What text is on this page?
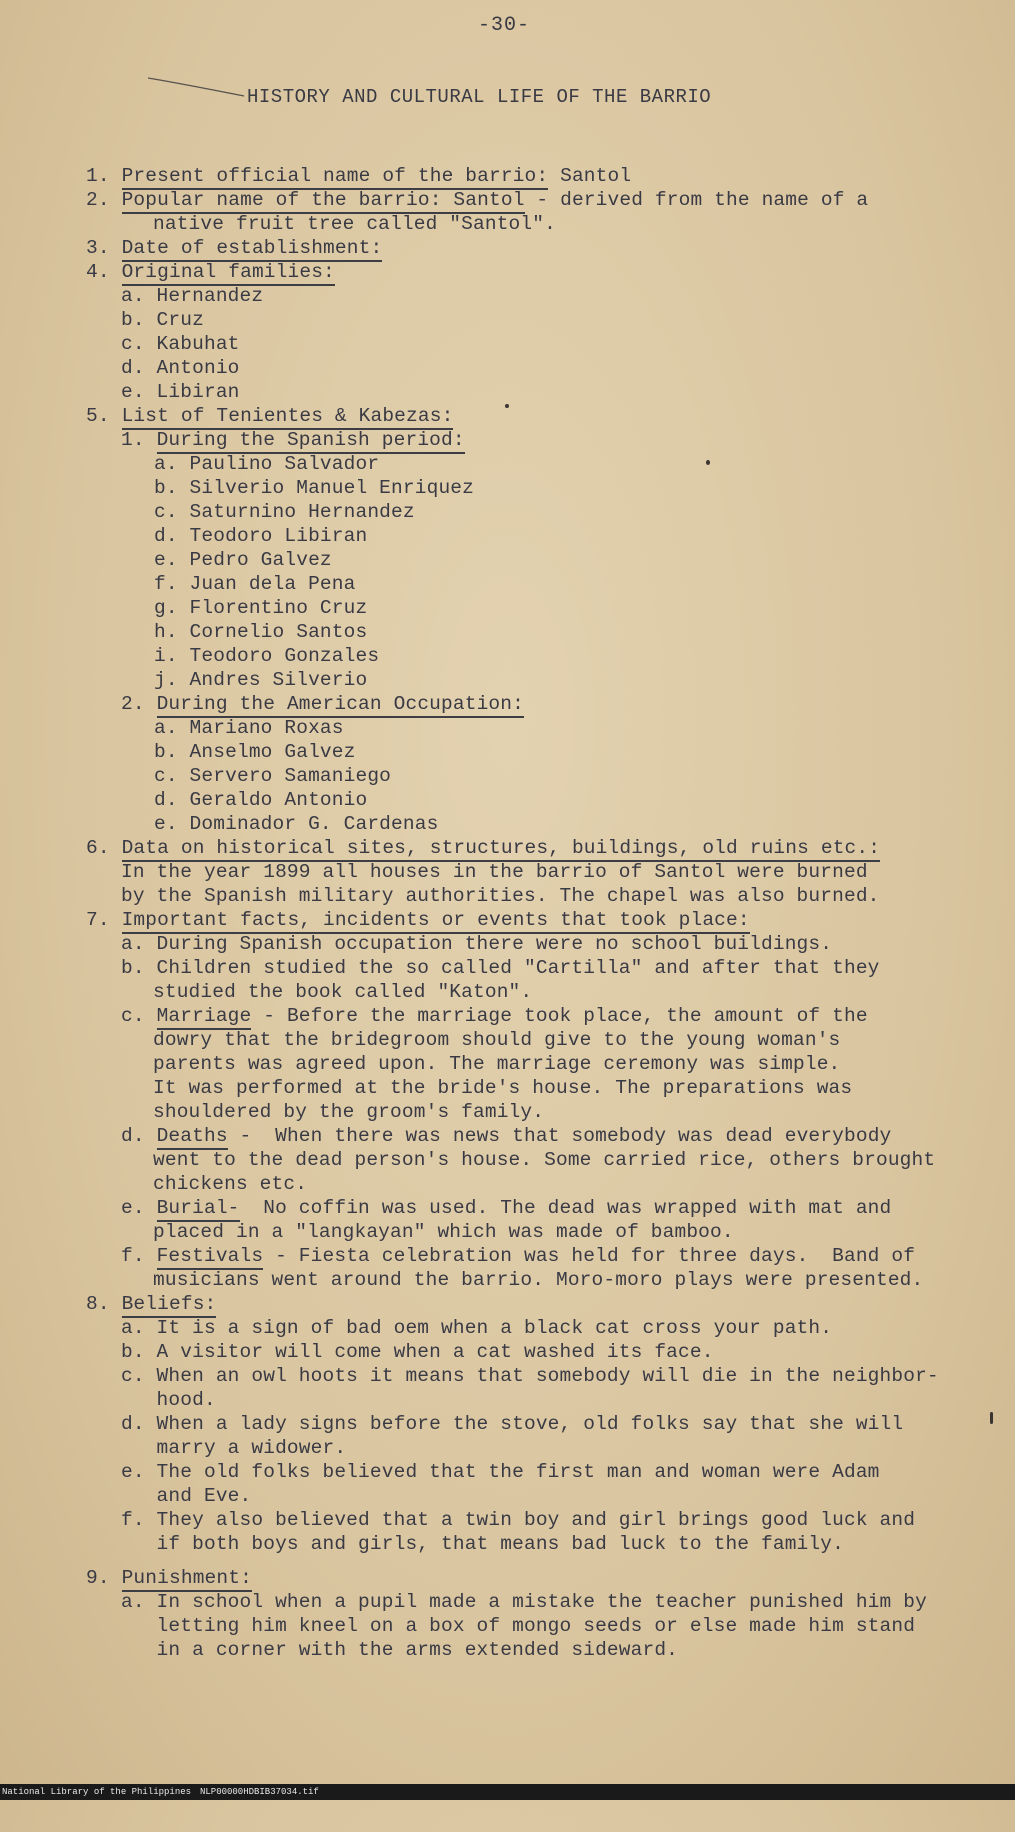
-30-
HISTORY AND CULTURAL LIFE OF THE BARRIO
1. Present official name of the barrio: Santol
2. Popular name of the barrio: Santol - derived from the name of a
native fruit tree called "Santol".
3. Date of establishment:
4. Original families:
a. Hernandez
b. Cruz
c. Kabuhat
d. Antonio
e. Libiran
5. List of Tenientes & Kabezas:
1. During the Spanish period:
a. Paulino Salvador
b. Silverio Manuel Enriquez
c. Saturnino Hernandez
d. Teodoro Libiran
e. Pedro Galvez
f. Juan dela Pena
g. Florentino Cruz
h. Cornelio Santos
i. Teodoro Gonzales
j. Andres Silverio
2. During the American Occupation:
a. Mariano Roxas
b. Anselmo Galvez
c. Servero Samaniego
d. Geraldo Antonio
e. Dominador G. Cardenas
6. Data on historical sites, structures, buildings, old ruins etc.:
In the year 1899 all houses in the barrio of Santol were burned
by the Spanish military authorities. The chapel was also burned.
7. Important facts, incidents or events that took place:
a. During Spanish occupation there were no school buildings.
b. Children studied the so called "Cartilla" and after that they
studied the book called "Katon".
c. Marriage - Before the marriage took place, the amount of the
dowry that the bridegroom should give to the young woman's
parents was agreed upon. The marriage ceremony was simple.
It was performed at the bride's house. The preparations was
shouldered by the groom's family.
d. Deaths -  When there was news that somebody was dead everybody
went to the dead person's house. Some carried rice, others brought
chickens etc.
e. Burial-  No coffin was used. The dead was wrapped with mat and
placed in a "langkayan" which was made of bamboo.
f. Festivals - Fiesta celebration was held for three days.  Band of
musicians went around the barrio. Moro-moro plays were presented.
8. Beliefs:
a. It is a sign of bad oem when a black cat cross your path.
b. A visitor will come when a cat washed its face.
c. When an owl hoots it means that somebody will die in the neighbor-
hood.
d. When a lady signs before the stove, old folks say that she will
marry a widower.
e. The old folks believed that the first man and woman were Adam
and Eve.
f. They also believed that a twin boy and girl brings good luck and
if both boys and girls, that means bad luck to the family.
9. Punishment:
a. In school when a pupil made a mistake the teacher punished him by
letting him kneel on a box of mongo seeds or else made him stand
in a corner with the arms extended sideward.

National Library of the Philippines

NLP00000HDBIB37034.tif
